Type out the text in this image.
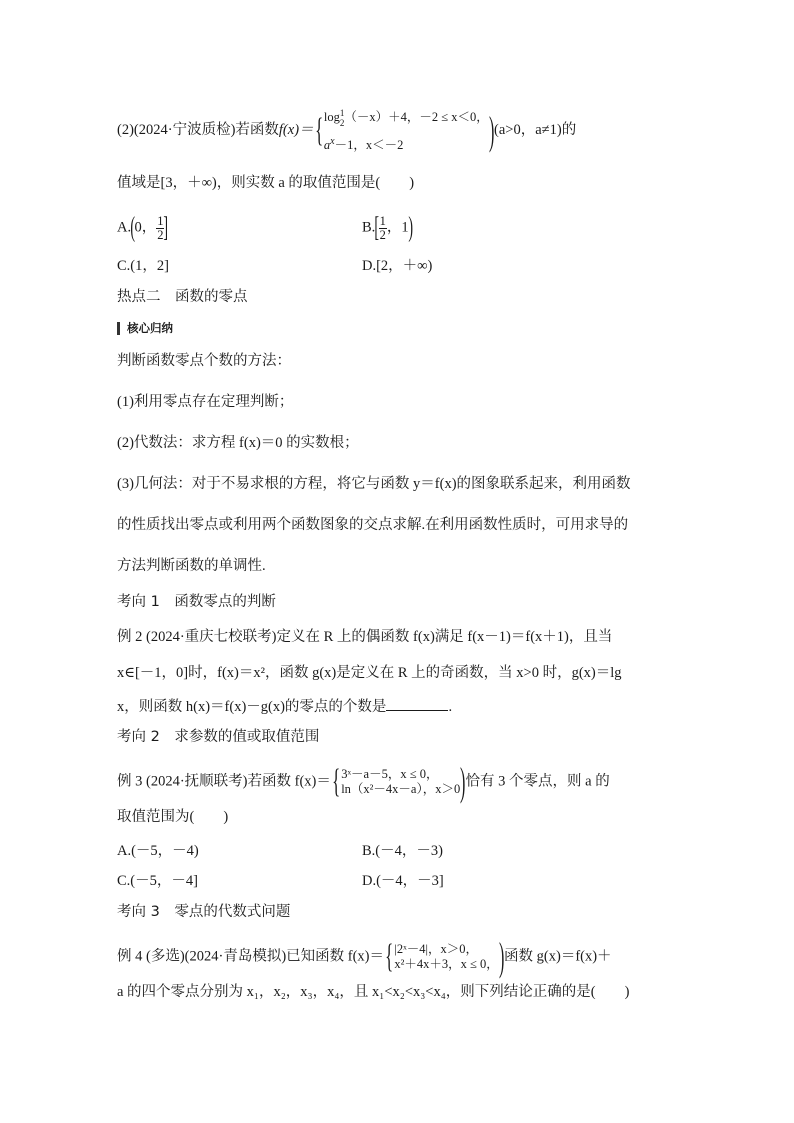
(2)(2024·宁波质检)若函数f(x)＝{ log 1
2 （－x）＋4，－2 ≤ x＜0，
$a^x-1$，x＜－2	)(a>0，a≠1)的
值域是[3，＋∞)，则实数 a 的取值范围是(　　)
A.(0， $\frac{1}{2}$ ]	$B.[ \frac{1}{2}$ ，1)
C.(1，2]	D.[2，＋∞)
热点二　函数的零点
核心归纳
判断函数零点个数的方法：
(1)利用零点存在定理判断；
(2)代数法：求方程 f(x)＝0 的实数根；
(3)几何法：对于不易求根的方程，将它与函数 y＝f(x)的图象联系起来，利用函数
的性质找出零点或利用两个函数图象的交点求解.在利用函数性质时，可用求导的
方法判断函数的单调性.
考向 1　函数零点的判断
例 2 (2024·重庆七校联考)定义在 R 上的偶函数 f(x)满足 f(x－1)＝f(x＋1)，且当
x∈[－1，0]时，f(x)＝x²，函数 g(x)是定义在 R 上的奇函数，当 x>0 时，g(x)＝lg
x，则函数 h(x)＝f(x)－g(x)的零点的个数是	.
考向 2　求参数的值或取值范围
例 3 (2024·抚顺联考)若函数 f(x)＝{ 3ˣ－a－5，x ≤ 0，
ln（x²－4x－a），x＞0 )恰有 3 个零点，则 a 的
取值范围为(　　)
A.(－5，－4)	B.(－4，－3)
C.(－5，－4]	D.(－4，－3]
考向 3　零点的代数式问题
例 4 (多选)(2024·青岛模拟)已知函数 f(x)＝{ |2ˣ－4|，x＞0，
x²＋4x＋3，x ≤ 0， )函数 g(x)＝f(x)＋
a 的四个零点分别为 x₁，x₂，x₃，x₄，且 x₁<x₂<x₃<x₄，则下列结论正确的是(　　)
